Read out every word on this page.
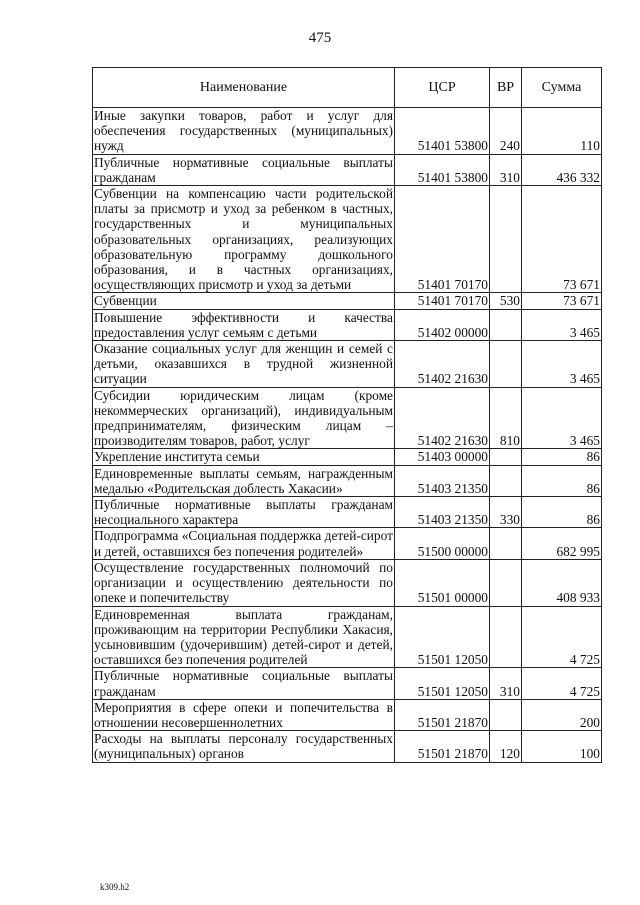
475
Наименование	ЦСР	ВР	Сумма
Иные закупки товаров, работ и услуг для обеспечения государственных (муниципальных) нужд	51401 53800	240	110
Публичные нормативные социальные выплаты гражданам	51401 53800	310	436 332
Субвенции на компенсацию части родительской платы за присмотр и уход за ребенком в частных, государственных и муниципальных образовательных организациях, реализующих образовательную программу дошкольного образования, и в частных организациях, осуществляющих присмотр и уход за детьми	51401 70170		73 671
Субвенции	51401 70170	530	73 671
Повышение эффективности и качества предоставления услуг семьям с детьми	51402 00000		3 465
Оказание социальных услуг для женщин и семей с детьми, оказавшихся в трудной жизненной ситуации	51402 21630		3 465
Субсидии юридическим лицам (кроме некоммерческих организаций), индивидуальным предпринимателям, физическим лицам – производителям товаров, работ, услуг	51402 21630	810	3 465
Укрепление института семьи	51403 00000		86
Единовременные выплаты семьям, награжденным медалью «Родительская доблесть Хакасии»	51403 21350		86
Публичные нормативные выплаты гражданам несоциального характера	51403 21350	330	86
Подпрограмма «Социальная поддержка детей-сирот и детей, оставшихся без попечения родителей»	51500 00000		682 995
Осуществление государственных полномочий по организации и осуществлению деятельности по опеке и попечительству	51501 00000		408 933
Единовременная выплата гражданам, проживающим на территории Республики Хакасия, усыновившим (удочерившим) детей-сирот и детей, оставшихся без попечения родителей	51501 12050		4 725
Публичные нормативные социальные выплаты гражданам	51501 12050	310	4 725
Мероприятия в сфере опеки и попечительства в отношении несовершеннолетних	51501 21870		200
Расходы на выплаты персоналу государственных (муниципальных) органов	51501 21870	120	100
k309.h2
